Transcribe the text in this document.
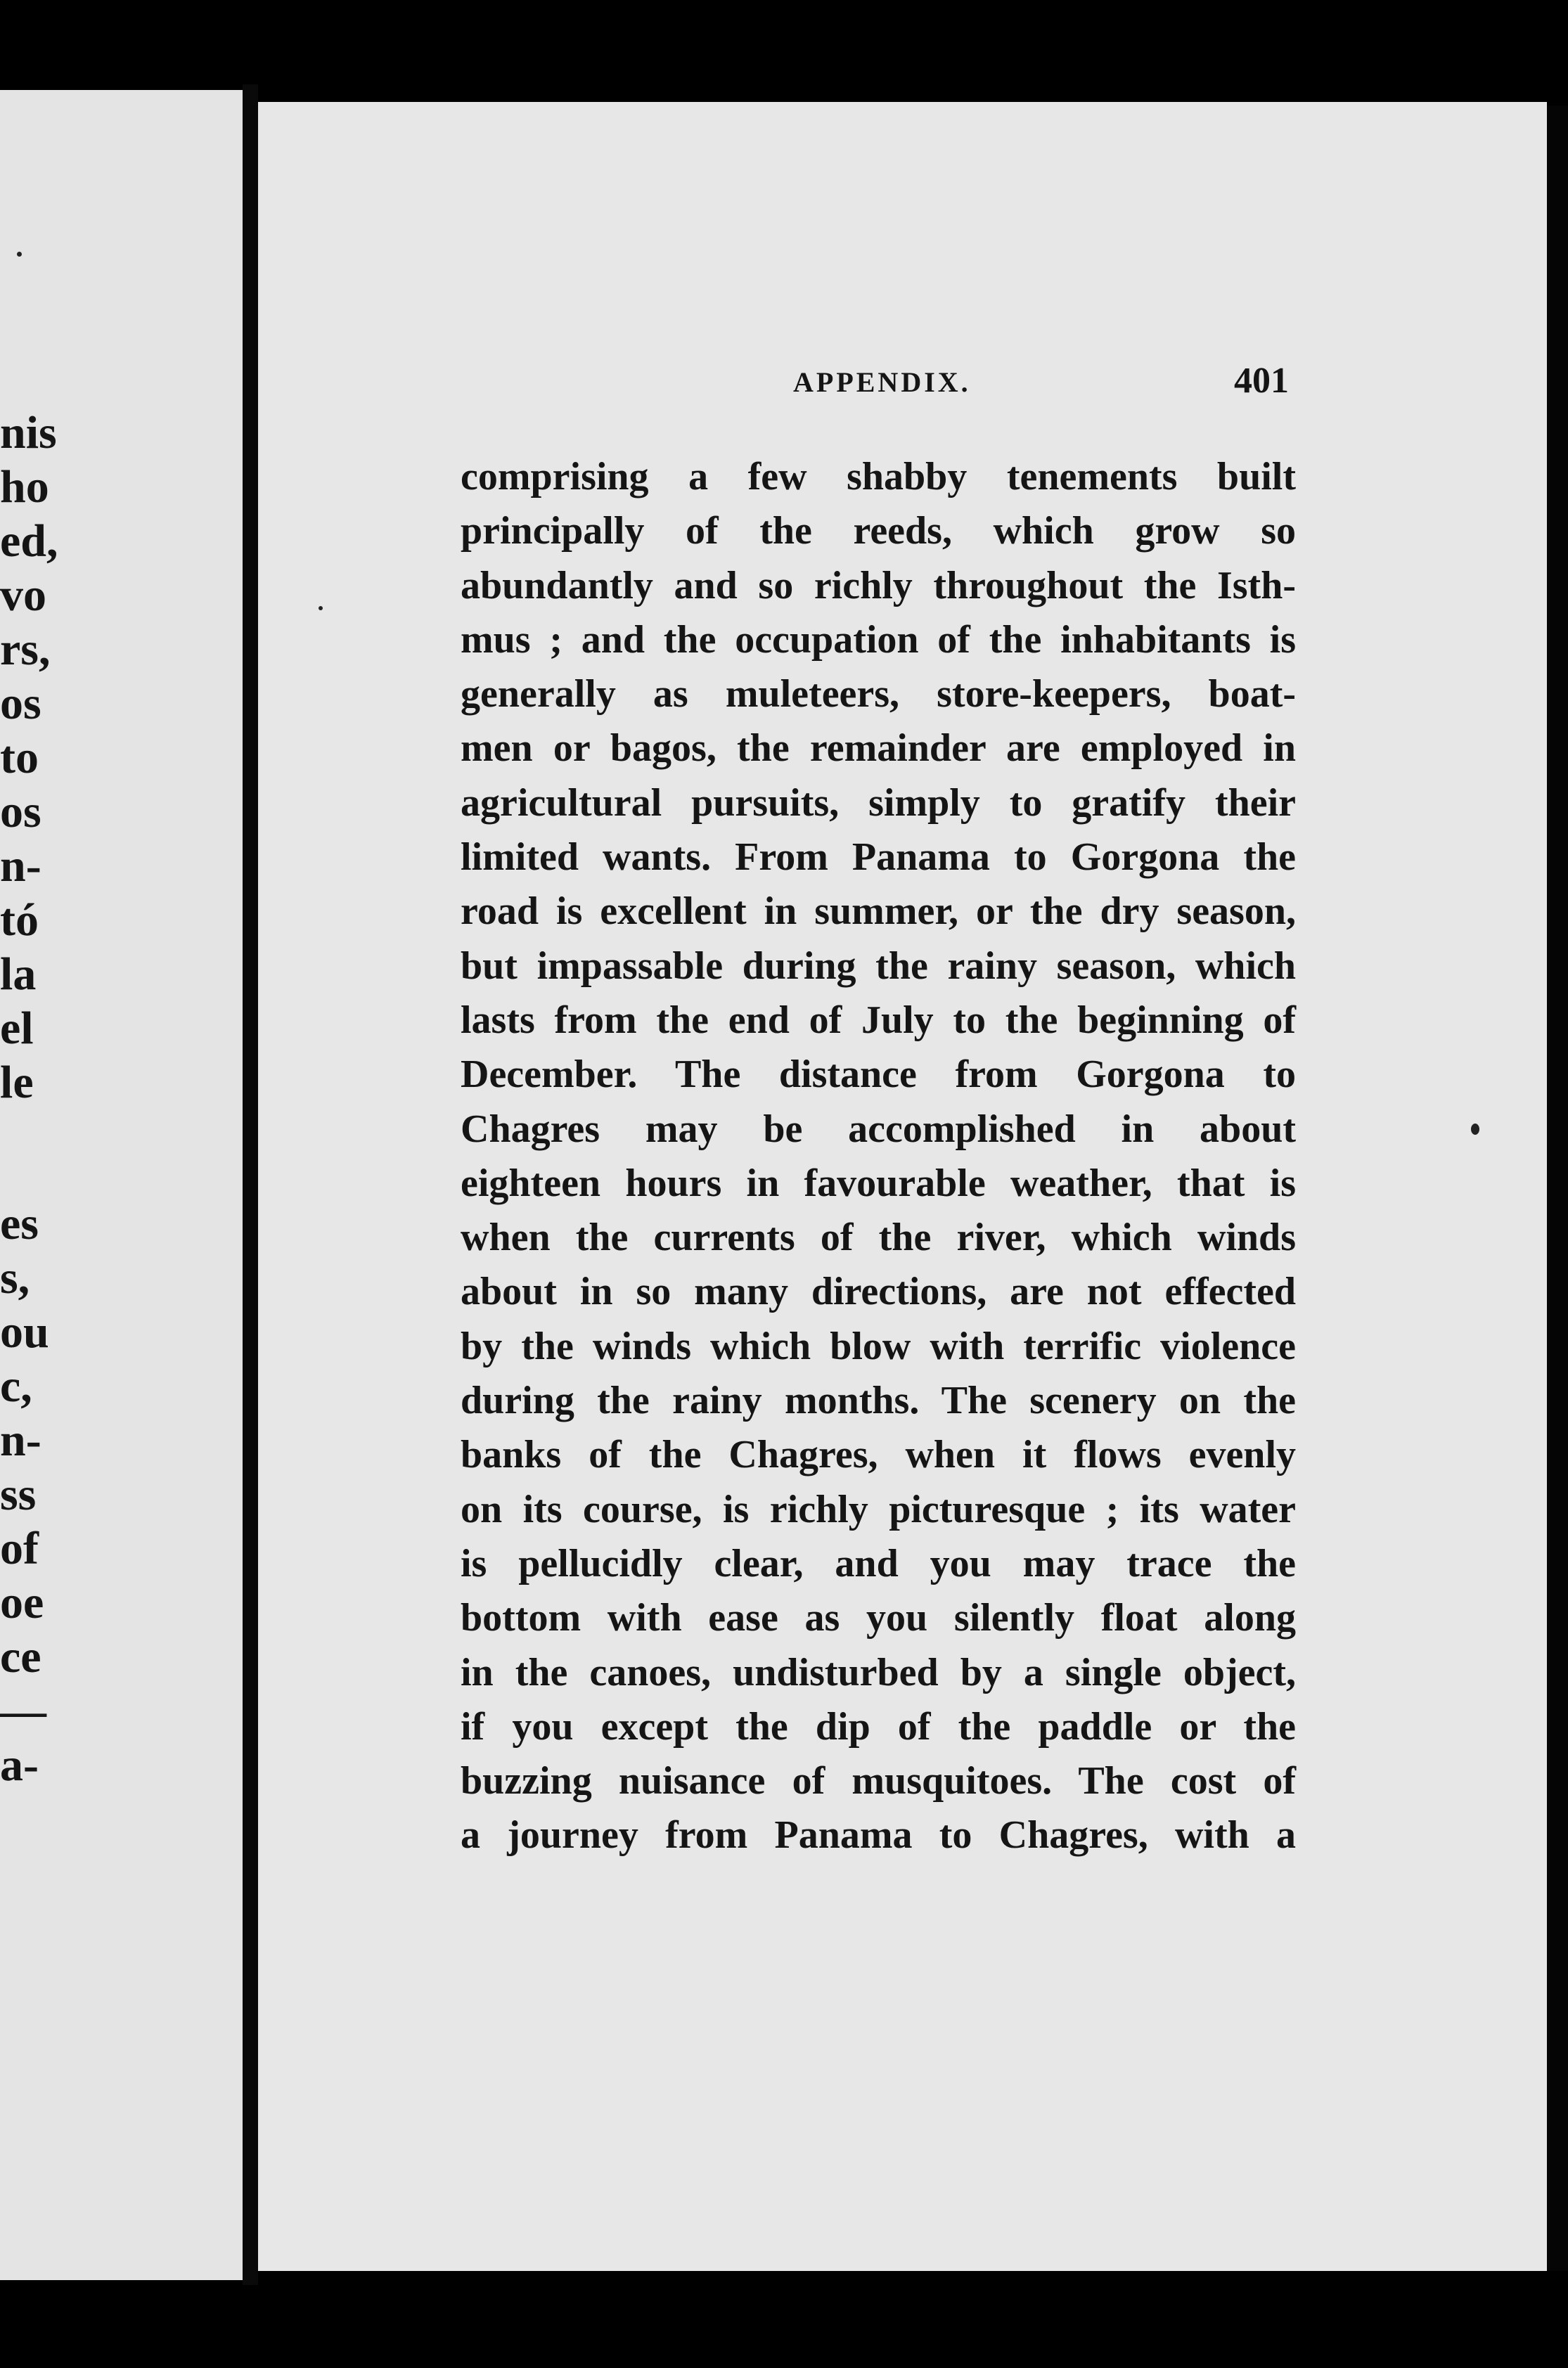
nis
ho
ed,
vo
rs,
os
to
os
n-
tó
la
el
le
es
s,
ou
c,
n-
ss
of
oe
ce
—
a-
APPENDIX.	401
comprising a few shabby tenements built
principally of the reeds, which grow so
abundantly and so richly throughout the Isth-
mus ; and the occupation of the inhabitants is
generally as muleteers, store-keepers, boat-
men or bagos, the remainder are employed in
agricultural pursuits, simply to gratify their
limited wants. From Panama to Gorgona the
road is excellent in summer, or the dry season,
but impassable during the rainy season, which
lasts from the end of July to the beginning of
December. The distance from Gorgona to
Chagres may be accomplished in about
eighteen hours in favourable weather, that is
when the currents of the river, which winds
about in so many directions, are not effected
by the winds which blow with terrific violence
during the rainy months. The scenery on the
banks of the Chagres, when it flows evenly
on its course, is richly picturesque ; its water
is pellucidly clear, and you may trace the
bottom with ease as you silently float along
in the canoes, undisturbed by a single object,
if you except the dip of the paddle or the
buzzing nuisance of musquitoes. The cost of
a journey from Panama to Chagres, with a
